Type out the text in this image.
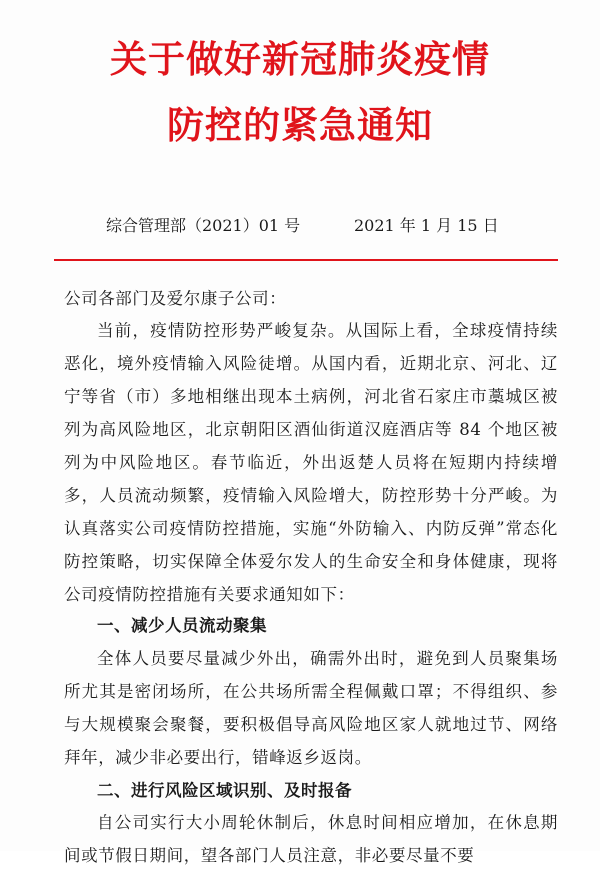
关于做好新冠肺炎疫情
防控的紧急通知
综合管理部（2021）01 号	2021 年 1 月 15 日

公司各部门及爱尔康子公司：

当前，疫情防控形势严峻复杂。从国际上看，全球疫情持续恶化，境外疫情输入风险徒增。从国内看，近期北京、河北、辽宁等省（市）多地相继出现本土病例，河北省石家庄市藁城区被列为高风险地区，北京朝阳区酒仙街道汉庭酒店等 84 个地区被列为中风险地区。春节临近，外出返楚人员将在短期内持续增多，人员流动频繁，疫情输入风险增大，防控形势十分严峻。为认真落实公司疫情防控措施，实施“外防输入、内防反弹”常态化防控策略，切实保障全体爱尔发人的生命安全和身体健康，现将公司疫情防控措施有关要求通知如下：

一、减少人员流动聚集

全体人员要尽量减少外出，确需外出时，避免到人员聚集场所尤其是密闭场所，在公共场所需全程佩戴口罩；不得组织、参与大规模聚会聚餐，要积极倡导高风险地区家人就地过节、网络拜年，减少非必要出行，错峰返乡返岗。

二、进行风险区域识别、及时报备

自公司实行大小周轮休制后，休息时间相应增加，在休息期间或节假日期间，望各部门人员注意，非必要尽量不要
